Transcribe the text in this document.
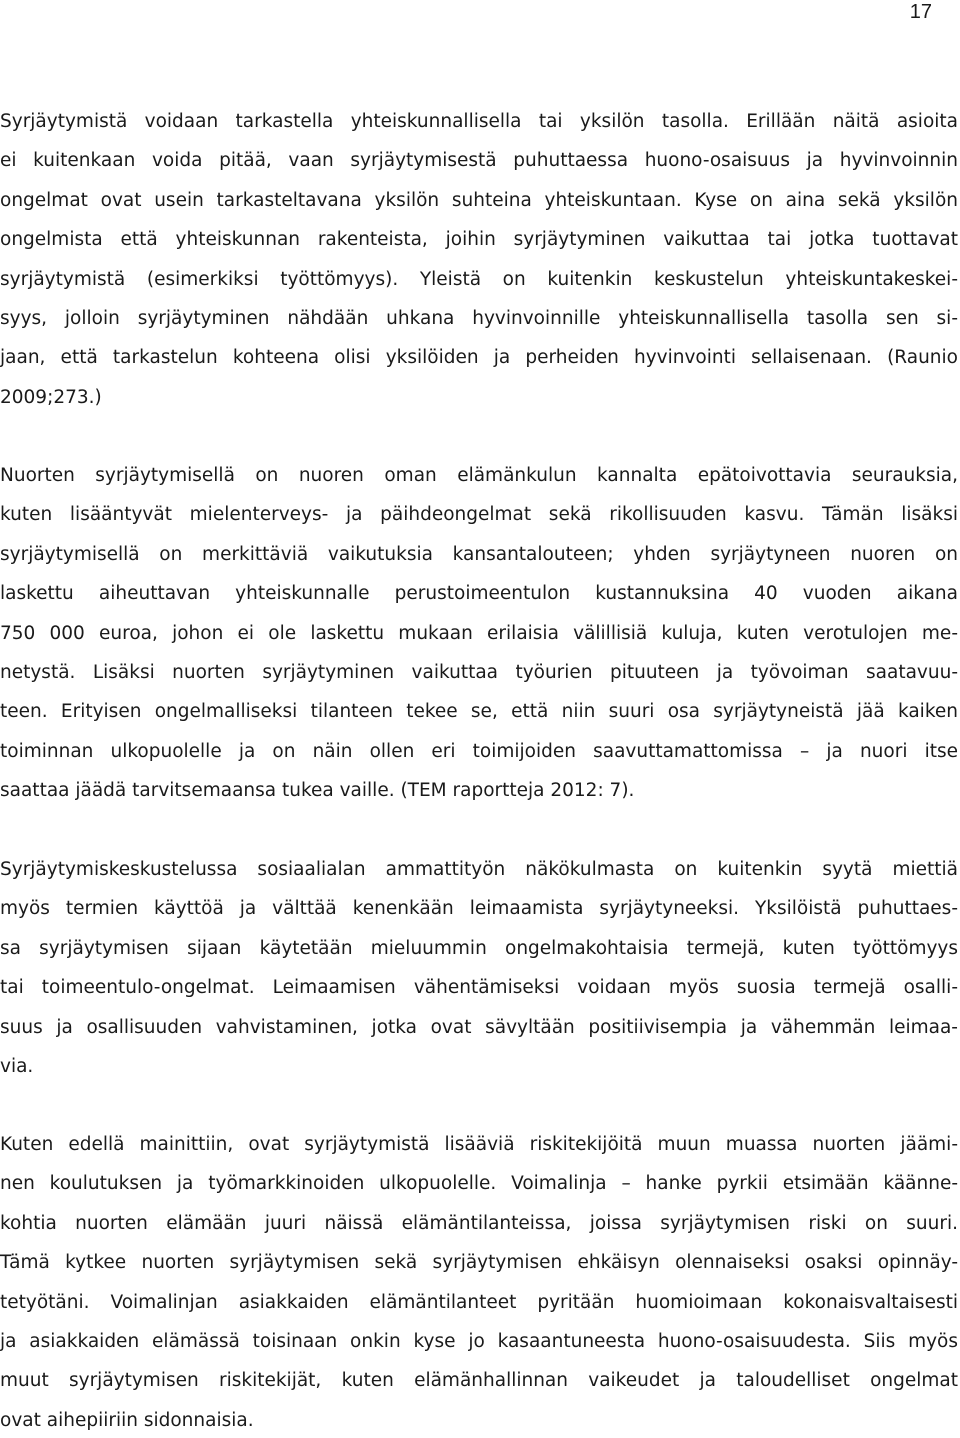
17
Syrjäytymistä voidaan tarkastella yhteiskunnallisella tai yksilön tasolla. Erillään näitä asioita
ei kuitenkaan voida pitää, vaan syrjäytymisestä puhuttaessa huono-osaisuus ja hyvinvoinnin
ongelmat ovat usein tarkasteltavana yksilön suhteina yhteiskuntaan. Kyse on aina sekä yksilön
ongelmista että yhteiskunnan rakenteista, joihin syrjäytyminen vaikuttaa tai jotka tuottavat
syrjäytymistä (esimerkiksi työttömyys). Yleistä on kuitenkin keskustelun yhteiskuntakeskei-
syys, jolloin syrjäytyminen nähdään uhkana hyvinvoinnille yhteiskunnallisella tasolla sen si-
jaan, että tarkastelun kohteena olisi yksilöiden ja perheiden hyvinvointi sellaisenaan. (Raunio
2009;273.)
Nuorten syrjäytymisellä on nuoren oman elämänkulun kannalta epätoivottavia seurauksia,
kuten lisääntyvät mielenterveys- ja päihdeongelmat sekä rikollisuuden kasvu. Tämän lisäksi
syrjäytymisellä on merkittäviä vaikutuksia kansantalouteen; yhden syrjäytyneen nuoren on
laskettu aiheuttavan yhteiskunnalle perustoimeentulon kustannuksina 40 vuoden aikana
750 000 euroa, johon ei ole laskettu mukaan erilaisia välillisiä kuluja, kuten verotulojen me-
netystä. Lisäksi nuorten syrjäytyminen vaikuttaa työurien pituuteen ja työvoiman saatavuu-
teen. Erityisen ongelmalliseksi tilanteen tekee se, että niin suuri osa syrjäytyneistä jää kaiken
toiminnan ulkopuolelle ja on näin ollen eri toimijoiden saavuttamattomissa – ja nuori itse
saattaa jäädä tarvitsemaansa tukea vaille. (TEM raportteja 2012: 7).
Syrjäytymiskeskustelussa sosiaalialan ammattityön näkökulmasta on kuitenkin syytä miettiä
myös termien käyttöä ja välttää kenenkään leimaamista syrjäytyneeksi. Yksilöistä puhuttaes-
sa syrjäytymisen sijaan käytetään mieluummin ongelmakohtaisia termejä, kuten työttömyys
tai toimeentulo-ongelmat. Leimaamisen vähentämiseksi voidaan myös suosia termejä osalli-
suus ja osallisuuden vahvistaminen, jotka ovat sävyltään positiivisempia ja vähemmän leimaa-
via.
Kuten edellä mainittiin, ovat syrjäytymistä lisääviä riskitekijöitä muun muassa nuorten jäämi-
nen koulutuksen ja työmarkkinoiden ulkopuolelle. Voimalinja – hanke pyrkii etsimään käänne-
kohtia nuorten elämään juuri näissä elämäntilanteissa, joissa syrjäytymisen riski on suuri.
Tämä kytkee nuorten syrjäytymisen sekä syrjäytymisen ehkäisyn olennaiseksi osaksi opinnäy-
tetyötäni. Voimalinjan asiakkaiden elämäntilanteet pyritään huomioimaan kokonaisvaltaisesti
ja asiakkaiden elämässä toisinaan onkin kyse jo kasaantuneesta huono-osaisuudesta. Siis myös
muut syrjäytymisen riskitekijät, kuten elämänhallinnan vaikeudet ja taloudelliset ongelmat
ovat aihepiiriin sidonnaisia.
